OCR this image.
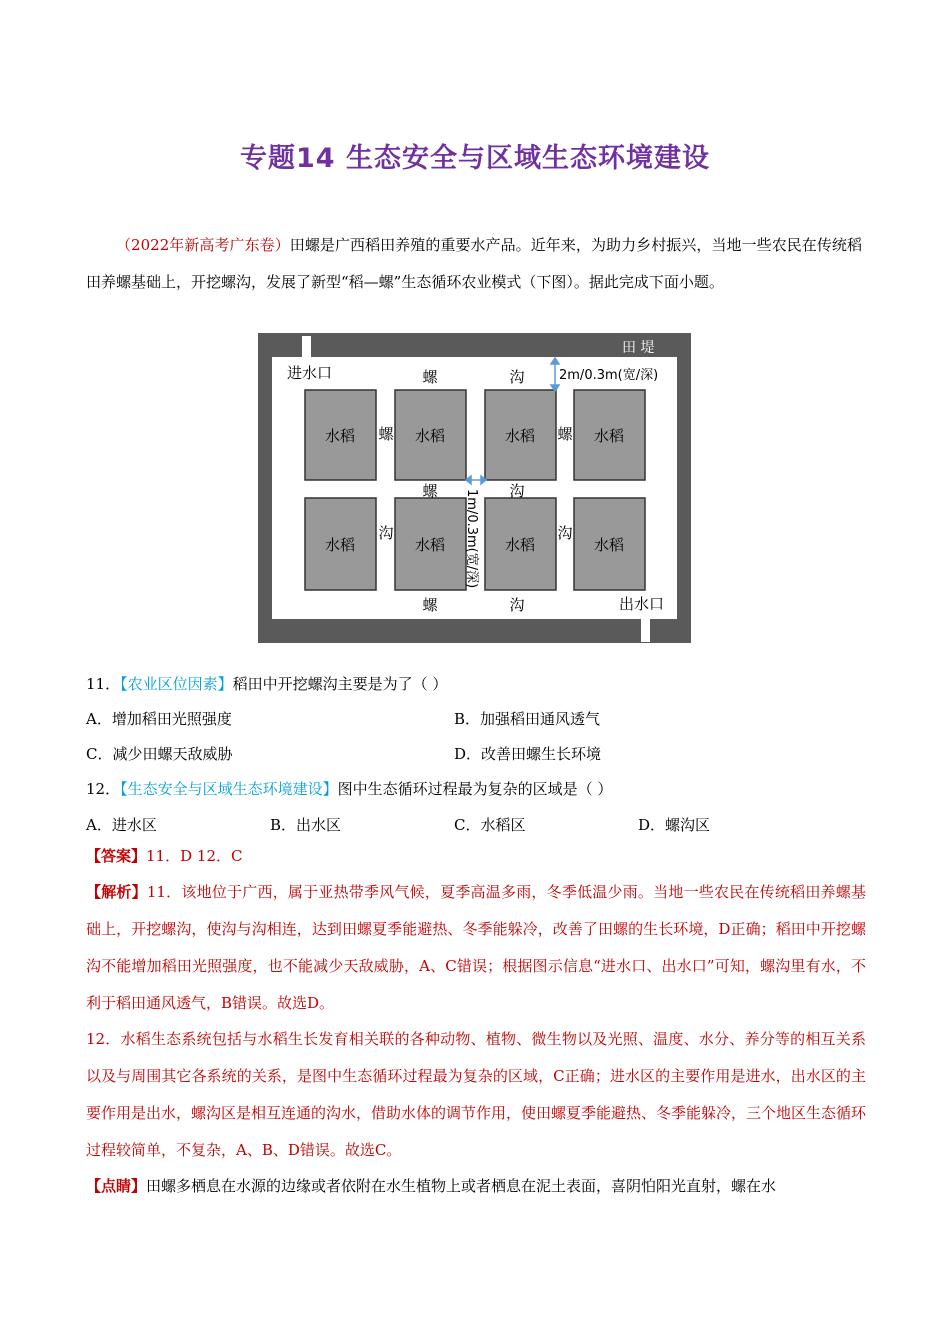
专题14 生态安全与区域生态环境建设
（2022年新高考广东卷）田螺是广西稻田养殖的重要水产品。近年来，为助力乡村振兴，当地一些农民在传统稻田养螺基础上，开挖螺沟，发展了新型“稻—螺”生态循环农业模式（下图）。据此完成下面小题。
田 堤
进水口
出水口
水稻	水稻	水稻	水稻
水稻	水稻	水稻	水稻
螺	沟
螺	螺
螺	沟
沟	沟
螺	沟
2m/0.3m(宽/深)
1m/0.3m(宽/深)
11．【农业区位因素】稻田中开挖螺沟主要是为了（ ）
A．增加稻田光照强度	B．加强稻田通风透气
C．减少田螺天敌威胁	D．改善田螺生长环境
12．【生态安全与区域生态环境建设】图中生态循环过程最为复杂的区域是（ ）
A．进水区	B．出水区	C．水稻区	D．螺沟区
【答案】11．D 12．C
【解析】11．该地位于广西，属于亚热带季风气候，夏季高温多雨，冬季低温少雨。当地一些农民在传统稻田养螺基础上，开挖螺沟，使沟与沟相连，达到田螺夏季能避热、冬季能躲冷，改善了田螺的生长环境，D正确；稻田中开挖螺沟不能增加稻田光照强度，也不能减少天敌威胁，A、C错误；根据图示信息“进水口、出水口”可知，螺沟里有水，不利于稻田通风透气，B错误。故选D。
12．水稻生态系统包括与水稻生长发育相关联的各种动物、植物、微生物以及光照、温度、水分、养分等的相互关系以及与周围其它各系统的关系，是图中生态循环过程最为复杂的区域，C正确；进水区的主要作用是进水，出水区的主要作用是出水，螺沟区是相互连通的沟水，借助水体的调节作用，使田螺夏季能避热、冬季能躲冷，三个地区生态循环过程较简单，不复杂，A、B、D错误。故选C。
【点睛】田螺多栖息在水源的边缘或者依附在水生植物上或者栖息在泥土表面，喜阴怕阳光直射，螺在水
